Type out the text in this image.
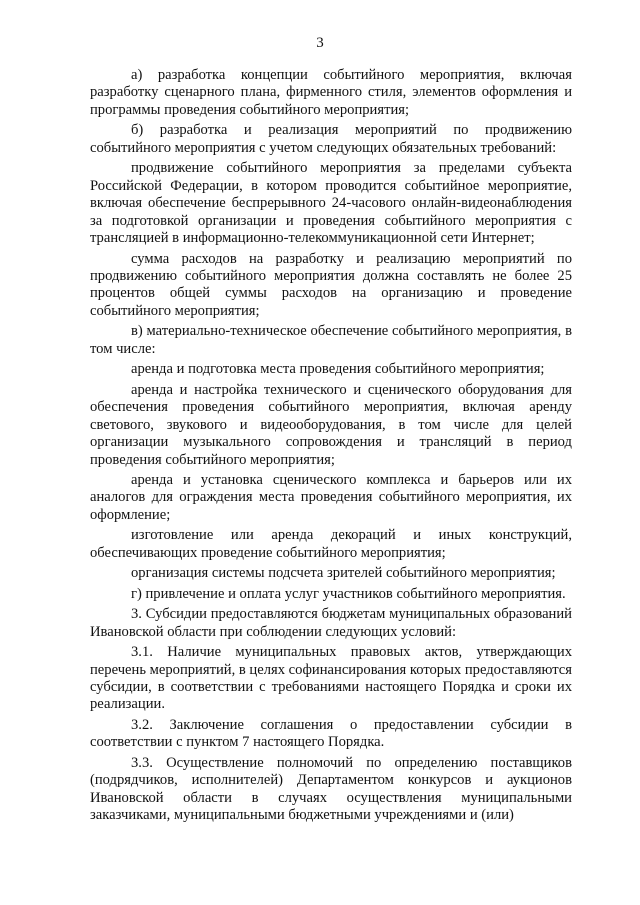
3

а) разработка концепции событийного мероприятия, включая разработку сценарного плана, фирменного стиля, элементов оформления и программы проведения событийного мероприятия;

б) разработка и реализация мероприятий по продвижению событийного мероприятия с учетом следующих обязательных требований:

продвижение событийного мероприятия за пределами субъекта Российской Федерации, в котором проводится событийное мероприятие, включая обеспечение беспрерывного 24-часового онлайн-видеонаблюдения за подготовкой организации и проведения событийного мероприятия с трансляцией в информационно-телекоммуникационной сети Интернет;

сумма расходов на разработку и реализацию мероприятий по продвижению событийного мероприятия должна составлять не более 25 процентов общей суммы расходов на организацию и проведение событийного мероприятия;

в) материально-техническое обеспечение событийного мероприятия, в том числе:

аренда и подготовка места проведения событийного мероприятия;

аренда и настройка технического и сценического оборудования для обеспечения проведения событийного мероприятия, включая аренду светового, звукового и видеооборудования, в том числе для целей организации музыкального сопровождения и трансляций в период проведения событийного мероприятия;

аренда и установка сценического комплекса и барьеров или их аналогов для ограждения места проведения событийного мероприятия, их оформление;

изготовление или аренда декораций и иных конструкций, обеспечивающих проведение событийного мероприятия;

организация системы подсчета зрителей событийного мероприятия;

г) привлечение и оплата услуг участников событийного мероприятия.

3. Субсидии предоставляются бюджетам муниципальных образований Ивановской области при соблюдении следующих условий:

3.1. Наличие муниципальных правовых актов, утверждающих перечень мероприятий, в целях софинансирования которых предоставляются субсидии, в соответствии с требованиями настоящего Порядка и сроки их реализации.

3.2. Заключение соглашения о предоставлении субсидии в соответствии с пунктом 7 настоящего Порядка.

3.3. Осуществление полномочий по определению поставщиков (подрядчиков, исполнителей) Департаментом конкурсов и аукционов Ивановской области в случаях осуществления муниципальными заказчиками, муниципальными бюджетными учреждениями и (или)
